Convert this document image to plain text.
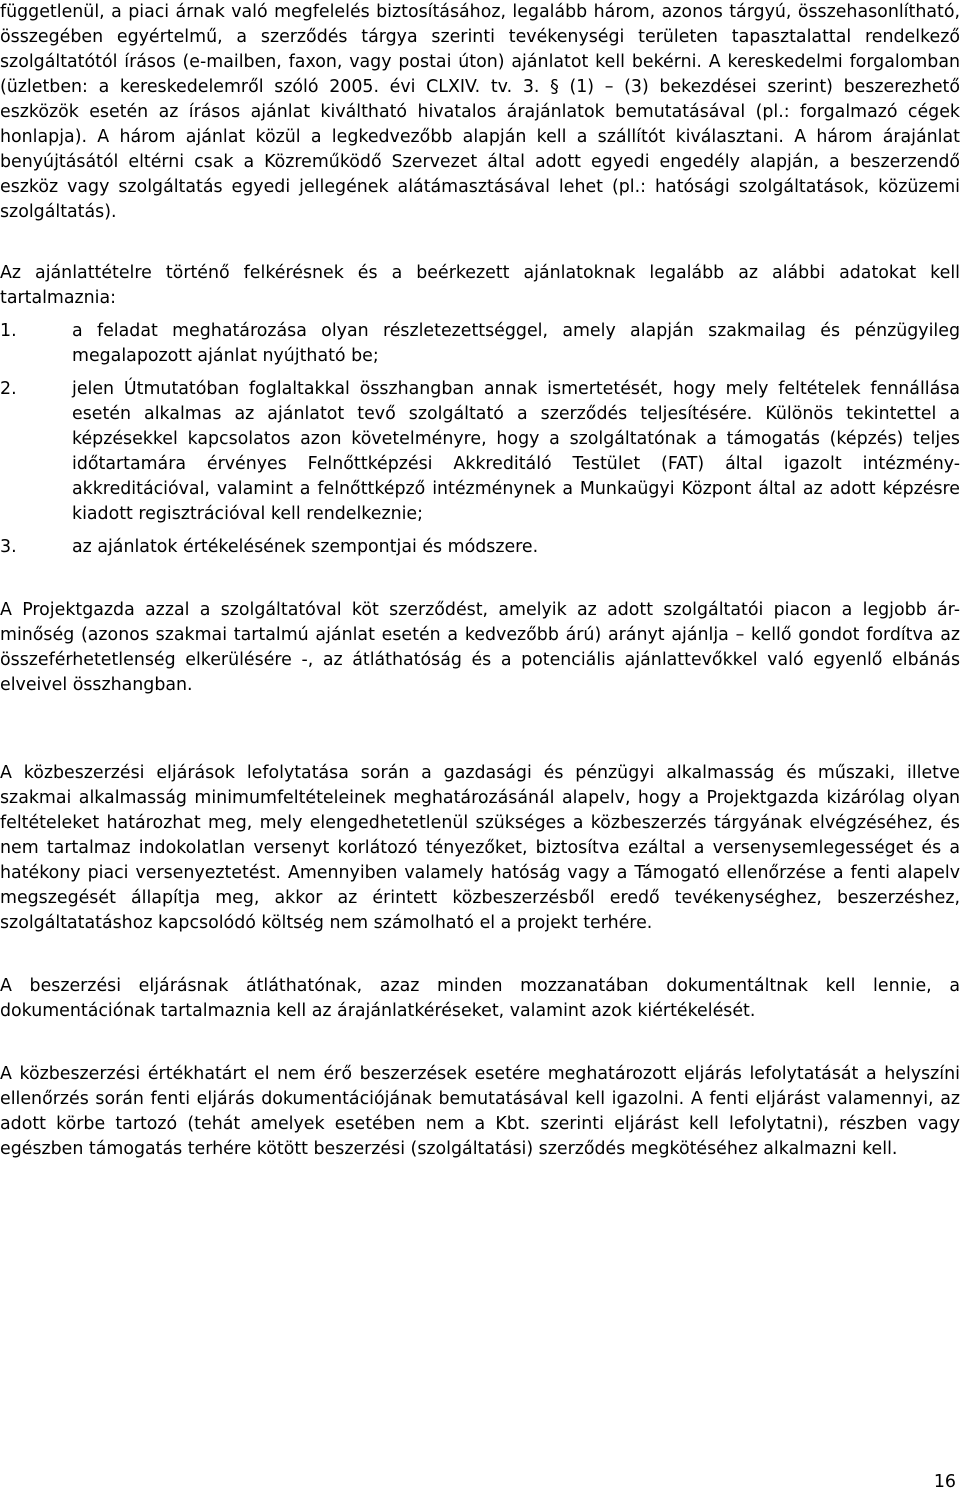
függetlenül, a piaci árnak való megfelelés biztosításához, legalább három, azonos tárgyú, összehasonlítható, összegében egyértelmű, a szerződés tárgya szerinti tevékenységi területen tapasztalattal rendelkező szolgáltatótól írásos (e-mailben, faxon, vagy postai úton) ajánlatot kell bekérni. A kereskedelmi forgalomban (üzletben: a kereskedelemről szóló 2005. évi CLXIV. tv. 3. § (1) – (3) bekezdései szerint) beszerezhető eszközök esetén az írásos ajánlat kiváltható hivatalos árajánlatok bemutatásával (pl.: forgalmazó cégek honlapja). A három ajánlat közül a legkedvezőbb alapján kell a szállítót kiválasztani. A három árajánlat benyújtásától eltérni csak a Közreműködő Szervezet által adott egyedi engedély alapján, a beszerzendő eszköz vagy szolgáltatás egyedi jellegének alátámasztásával lehet (pl.: hatósági szolgáltatások, közüzemi szolgáltatás).

Az ajánlattételre történő felkérésnek és a beérkezett ajánlatoknak legalább az alábbi adatokat kell tartalmaznia:

1.	a feladat meghatározása olyan részletezettséggel, amely alapján szakmailag és pénzügyileg megalapozott ajánlat nyújtható be;
2.	jelen Útmutatóban foglaltakkal összhangban annak ismertetését, hogy mely feltételek fennállása esetén alkalmas az ajánlatot tevő szolgáltató a szerződés teljesítésére. Különös tekintettel a képzésekkel kapcsolatos azon követelményre, hogy a szolgáltatónak a támogatás (képzés) teljes időtartamára érvényes Felnőttképzési Akkreditáló Testület (FAT) által igazolt intézmény-akkreditációval, valamint a felnőttképző intézménynek a Munkaügyi Központ által az adott képzésre kiadott regisztrációval kell rendelkeznie;
3.	az ajánlatok értékelésének szempontjai és módszere.

A Projektgazda azzal a szolgáltatóval köt szerződést, amelyik az adott szolgáltatói piacon a legjobb ár-minőség (azonos szakmai tartalmú ajánlat esetén a kedvezőbb árú) arányt ajánlja – kellő gondot fordítva az összeférhetetlenség elkerülésére -, az átláthatóság és a potenciális ajánlattevőkkel való egyenlő elbánás elveivel összhangban.

A közbeszerzési eljárások lefolytatása során a gazdasági és pénzügyi alkalmasság és műszaki, illetve szakmai alkalmasság minimumfeltételeinek meghatározásánál alapelv, hogy a Projektgazda kizárólag olyan feltételeket határozhat meg, mely elengedhetetlenül szükséges a közbeszerzés tárgyának elvégzéséhez, és nem tartalmaz indokolatlan versenyt korlátozó tényezőket, biztosítva ezáltal a versenysemlegességet és a hatékony piaci versenyeztetést. Amennyiben valamely hatóság vagy a Támogató ellenőrzése a fenti alapelv megszegését állapítja meg, akkor az érintett közbeszerzésből eredő tevékenységhez, beszerzéshez, szolgáltatatáshoz kapcsolódó költség nem számolható el a projekt terhére.

A beszerzési eljárásnak átláthatónak, azaz minden mozzanatában dokumentáltnak kell lennie, a dokumentációnak tartalmaznia kell az árajánlatkéréseket, valamint azok kiértékelését.

A közbeszerzési értékhatárt el nem érő beszerzések esetére meghatározott eljárás lefolytatását a helyszíni ellenőrzés során fenti eljárás dokumentációjának bemutatásával kell igazolni. A fenti eljárást valamennyi, az adott körbe tartozó (tehát amelyek esetében nem a Kbt. szerinti eljárást kell lefolytatni), részben vagy egészben támogatás terhére kötött beszerzési (szolgáltatási) szerződés megkötéséhez alkalmazni kell.

16
